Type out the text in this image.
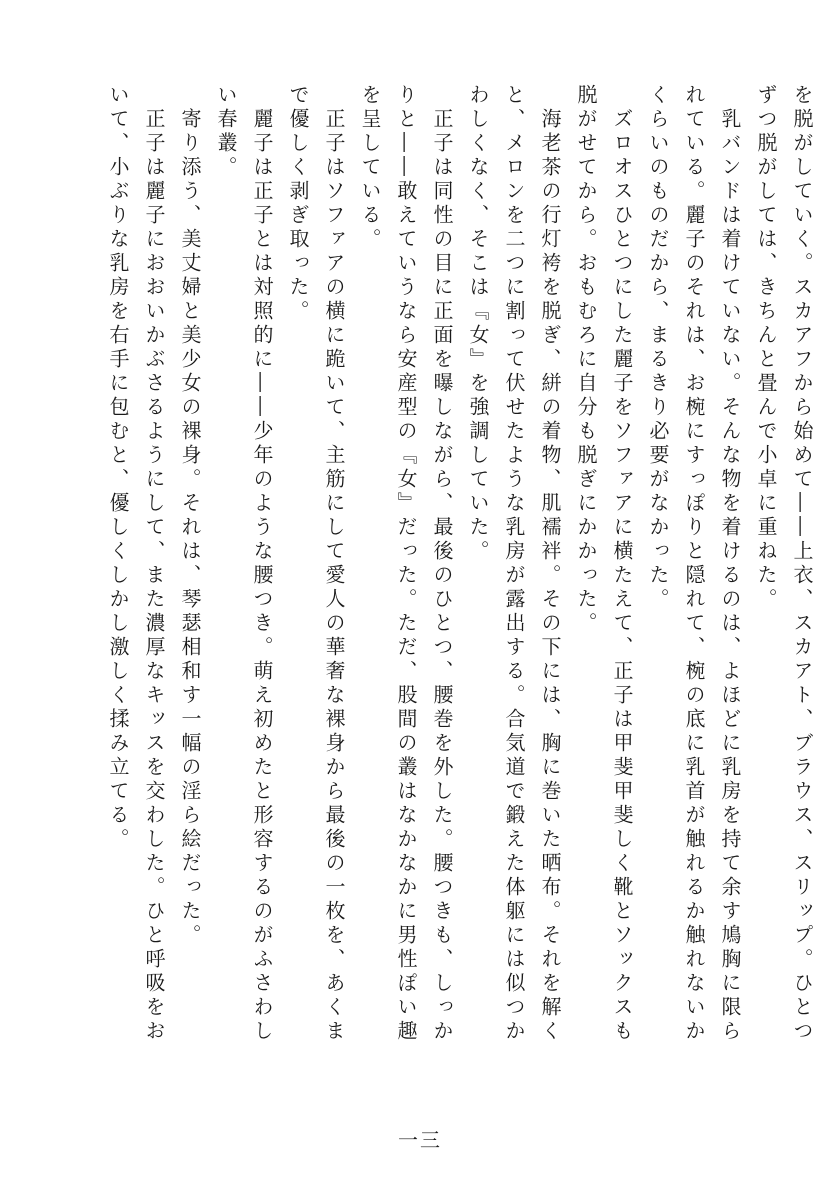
を脱がしていく。スカアフから始めて――上衣、スカアト、ブラウス、スリップ。ひとつ
ずつ脱がしては、きちんと畳んで小卓に重ねた。
　乳バンドは着けていない。そんな物を着けるのは、よほどに乳房を持て余す鳩胸に限ら
れている。麗子のそれは、お椀にすっぽりと隠れて、椀の底に乳首が触れるか触れないか
くらいのものだから、まるきり必要がなかった。
　ズロオスひとつにした麗子をソファアに横たえて、正子は甲斐甲斐しく靴とソックスも
脱がせてから。おもむろに自分も脱ぎにかかった。
　海老茶の行灯袴を脱ぎ、絣の着物、肌襦袢。その下には、胸に巻いた晒布。それを解く
と、メロンを二つに割って伏せたような乳房が露出する。合気道で鍛えた体躯には似つか
わしくなく、そこは『女』を強調していた。
　正子は同性の目に正面を曝しながら、最後のひとつ、腰巻を外した。腰つきも、しっか
りと――敢えていうなら安産型の『女』だった。ただ、股間の叢はなかなかに男性ぽい趣
を呈している。
　正子はソファアの横に跪いて、主筋にして愛人の華奢な裸身から最後の一枚を、あくま
で優しく剥ぎ取った。
　麗子は正子とは対照的に――少年のような腰つき。萌え初めたと形容するのがふさわし
い春叢。
　寄り添う、美丈婦と美少女の裸身。それは、琴瑟相和す一幅の淫ら絵だった。
　正子は麗子におおいかぶさるようにして、また濃厚なキッスを交わした。ひと呼吸をお
いて、小ぶりな乳房を右手に包むと、優しくしかし激しく揉み立てる。
一三
